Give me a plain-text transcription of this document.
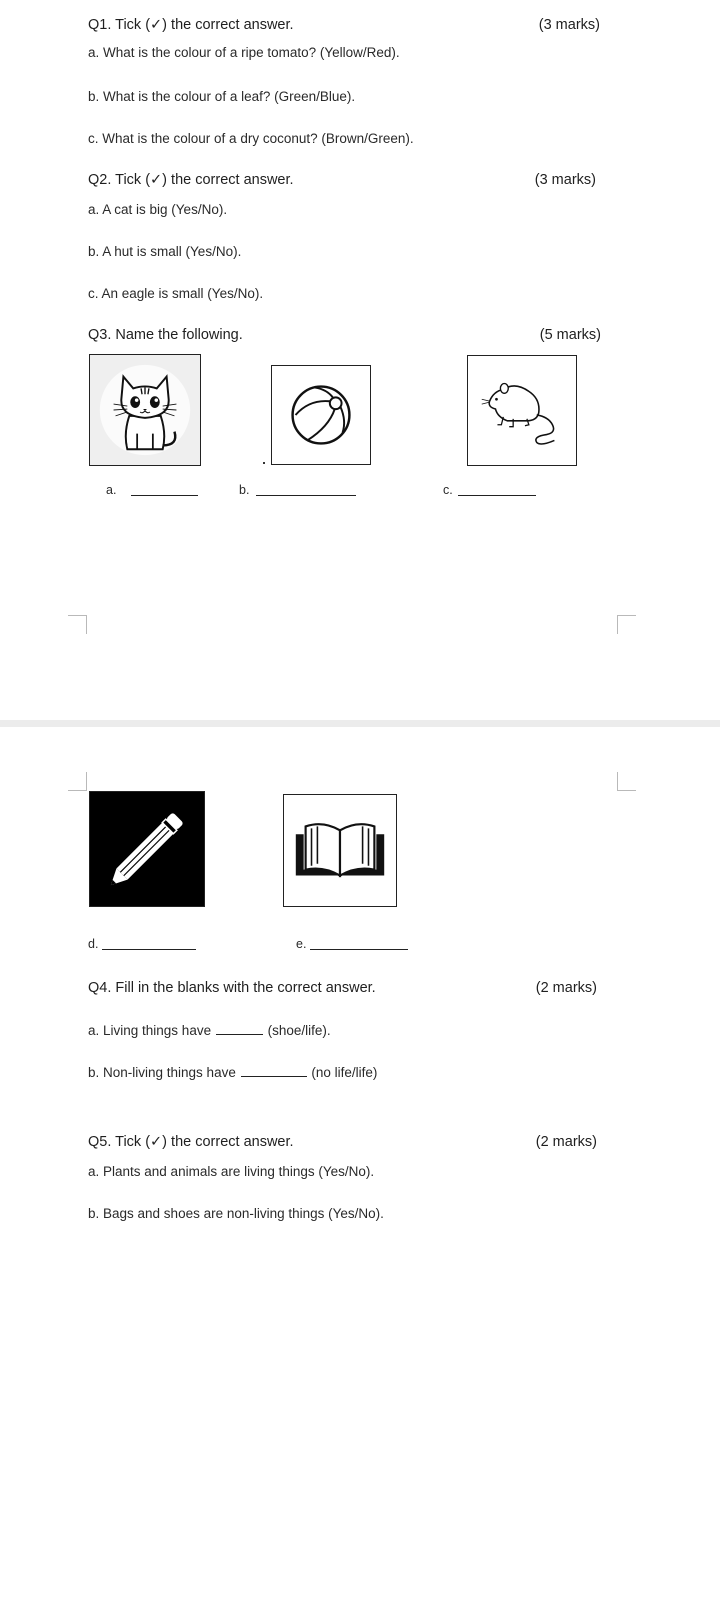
Q1. Tick (✓) the correct answer.	(3 marks)
a. What is the colour of a ripe tomato? (Yellow/Red).
b. What is the colour of a leaf? (Green/Blue).
c. What is the colour of a dry coconut? (Brown/Green).
Q2. Tick (✓) the correct answer.	(3 marks)
a. A cat is big (Yes/No).
b. A hut is small (Yes/No).
c. An eagle is small (Yes/No).
Q3. Name the following.	(5 marks)
a.	b.	c.
d.	e.
Q4. Fill in the blanks with the correct answer.	(2 marks)
a. Living things have	(shoe/life).
b. Non-living things have	(no life/life)
Q5. Tick (✓) the correct answer.	(2 marks)
a. Plants and animals are living things (Yes/No).
b. Bags and shoes are non-living things (Yes/No).
